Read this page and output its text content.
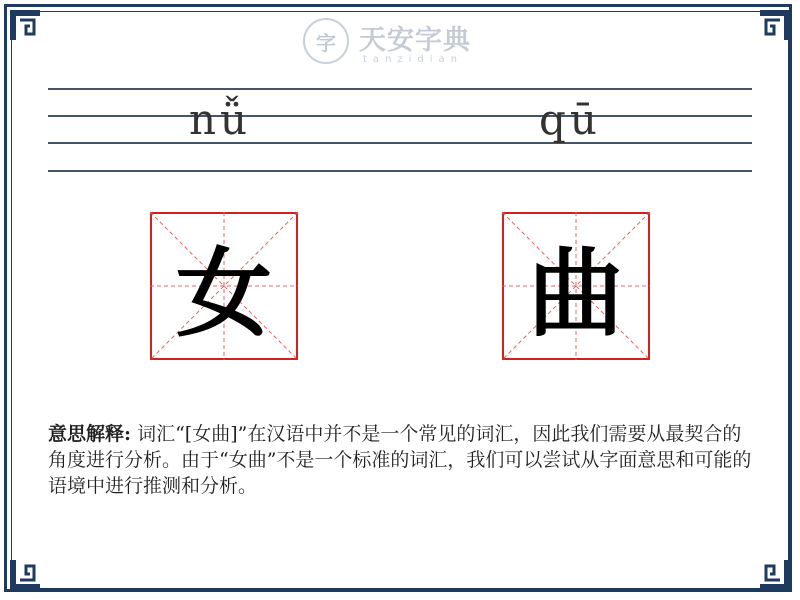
字 天安字典
tanzidian
nǚ	qū
女	曲
意思解释: 词汇“[女曲]”在汉语中并不是一个常见的词汇，因此我们需要从最契合的角度进行分析。由于“女曲”不是一个标准的词汇，我们可以尝试从字面意思和可能的语境中进行推测和分析。
